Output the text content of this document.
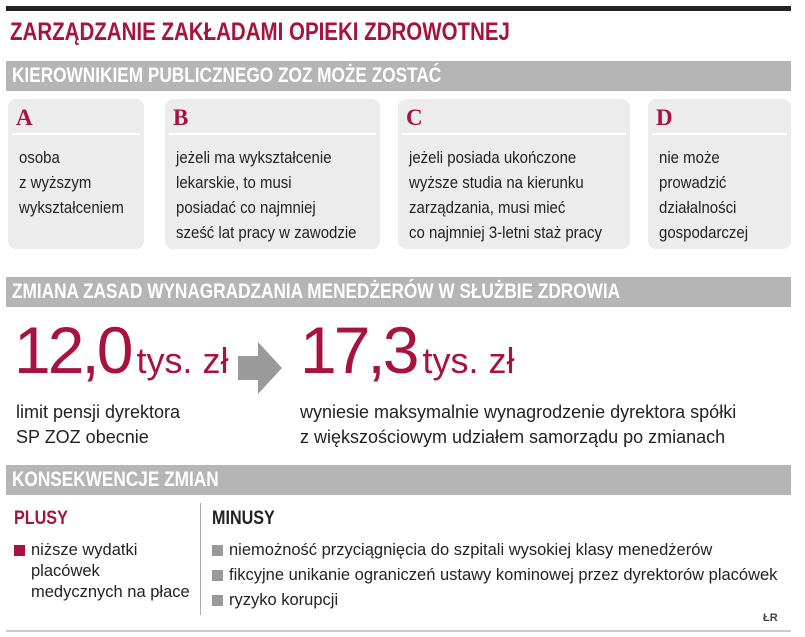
ZARZĄDZANIE ZAKŁADAMI OPIEKI ZDROWOTNEJ
KIEROWNIKIEM PUBLICZNEGO ZOZ MOŻE ZOSTAĆ
A
osoba
z wyższym
wykształceniem
B
jeżeli ma wykształcenie
lekarskie, to musi
posiadać co najmniej
sześć lat pracy w zawodzie
C
jeżeli posiada ukończone
wyższe studia na kierunku
zarządzania, musi mieć
co najmniej 3-letni staż pracy
D
nie może
prowadzić
działalności
gospodarczej
ZMIANA ZASAD WYNAGRADZANIA MENEDŻERÓW W SŁUŻBIE ZDROWIA
12,0 tys. zł
limit pensji dyrektora
SP ZOZ obecnie
17,3 tys. zł
wyniesie maksymalnie wynagrodzenie dyrektora spółki
z większościowym udziałem samorządu po zmianach
KONSEKWENCJE ZMIAN
PLUSY
niższe wydatki
placówek
medycznych na płace
MINUSY
niemożność przyciągnięcia do szpitali wysokiej klasy menedżerów
fikcyjne unikanie ograniczeń ustawy kominowej przez dyrektorów placówek
ryzyko korupcji
ŁR
